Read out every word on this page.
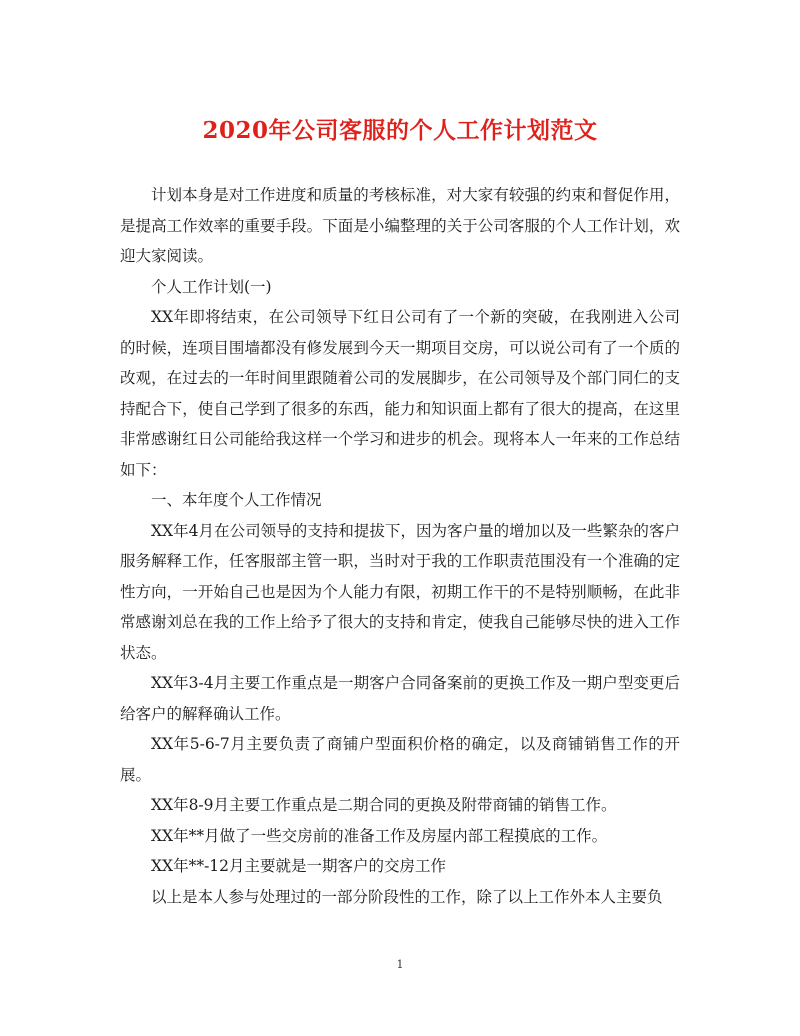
2020年公司客服的个人工作计划范文

计划本身是对工作进度和质量的考核标准，对大家有较强的约束和督促作用，是提高工作效率的重要手段。下面是小编整理的关于公司客服的个人工作计划，欢迎大家阅读。

个人工作计划(一)

XX年即将结束，在公司领导下红日公司有了一个新的突破，在我刚进入公司的时候，连项目围墙都没有修发展到今天一期项目交房，可以说公司有了一个质的改观，在过去的一年时间里跟随着公司的发展脚步，在公司领导及个部门同仁的支持配合下，使自己学到了很多的东西，能力和知识面上都有了很大的提高，在这里非常感谢红日公司能给我这样一个学习和进步的机会。现将本人一年来的工作总结如下：

一、本年度个人工作情况

XX年4月在公司领导的支持和提拔下，因为客户量的增加以及一些繁杂的客户服务解释工作，任客服部主管一职，当时对于我的工作职责范围没有一个准确的定性方向，一开始自己也是因为个人能力有限，初期工作干的不是特别顺畅，在此非常感谢刘总在我的工作上给予了很大的支持和肯定，使我自己能够尽快的进入工作状态。

XX年3-4月主要工作重点是一期客户合同备案前的更换工作及一期户型变更后给客户的解释确认工作。

XX年5-6-7月主要负责了商铺户型面积价格的确定，以及商铺销售工作的开展。

XX年8-9月主要工作重点是二期合同的更换及附带商铺的销售工作。

XX年**月做了一些交房前的准备工作及房屋内部工程摸底的工作。

XX年**-12月主要就是一期客户的交房工作

以上是本人参与处理过的一部分阶段性的工作，除了以上工作外本人主要负

1
